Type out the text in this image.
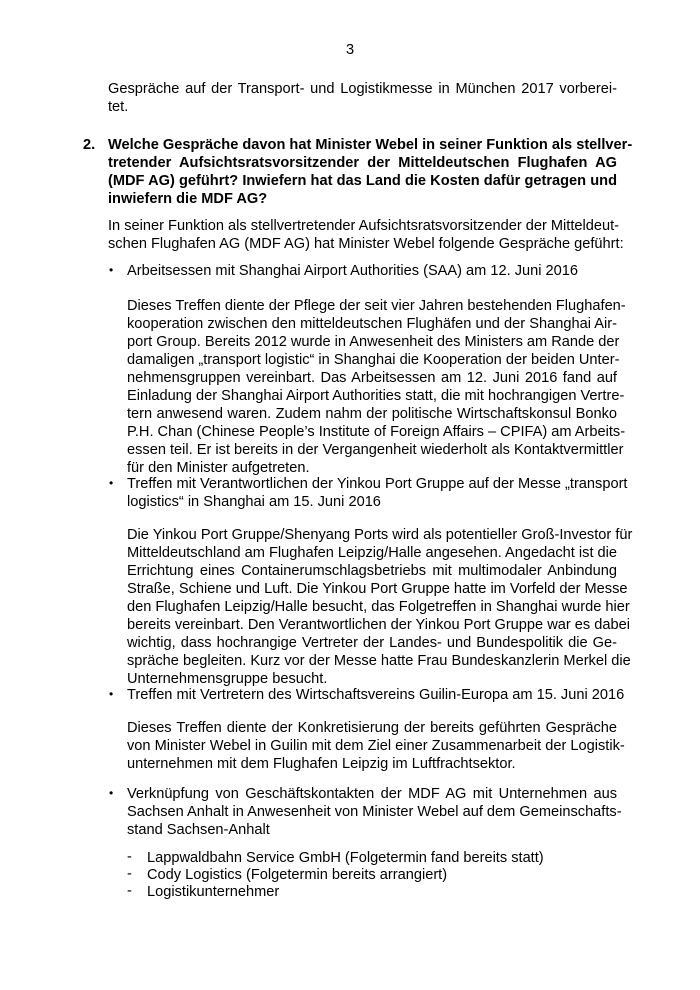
3
Gespräche auf der Transport- und Logistikmesse in München 2017 vorberei-
tet.
2. Welche Gespräche davon hat Minister Webel in seiner Funktion als stellver-
tretender Aufsichtsratsvorsitzender der Mitteldeutschen Flughafen AG
(MDF AG) geführt? Inwiefern hat das Land die Kosten dafür getragen und
inwiefern die MDF AG?
In seiner Funktion als stellvertretender Aufsichtsratsvorsitzender der Mitteldeut-
schen Flughafen AG (MDF AG) hat Minister Webel folgende Gespräche geführt:
• Arbeitsessen mit Shanghai Airport Authorities (SAA) am 12. Juni 2016
Dieses Treffen diente der Pflege der seit vier Jahren bestehenden Flughafen-
kooperation zwischen den mitteldeutschen Flughäfen und der Shanghai Air-
port Group. Bereits 2012 wurde in Anwesenheit des Ministers am Rande der
damaligen „transport logistic“ in Shanghai die Kooperation der beiden Unter-
nehmensgruppen vereinbart. Das Arbeitsessen am 12. Juni 2016 fand auf
Einladung der Shanghai Airport Authorities statt, die mit hochrangigen Vertre-
tern anwesend waren. Zudem nahm der politische Wirtschaftskonsul Bonko
P.H. Chan (Chinese People’s Institute of Foreign Affairs – CPIFA) am Arbeits-
essen teil. Er ist bereits in der Vergangenheit wiederholt als Kontaktvermittler
für den Minister aufgetreten.
• Treffen mit Verantwortlichen der Yinkou Port Gruppe auf der Messe „transport
logistics“ in Shanghai am 15. Juni 2016
Die Yinkou Port Gruppe/Shenyang Ports wird als potentieller Groß-Investor für
Mitteldeutschland am Flughafen Leipzig/Halle angesehen. Angedacht ist die
Errichtung eines Containerumschlagsbetriebs mit multimodaler Anbindung
Straße, Schiene und Luft. Die Yinkou Port Gruppe hatte im Vorfeld der Messe
den Flughafen Leipzig/Halle besucht, das Folgetreffen in Shanghai wurde hier
bereits vereinbart. Den Verantwortlichen der Yinkou Port Gruppe war es dabei
wichtig, dass hochrangige Vertreter der Landes- und Bundespolitik die Ge-
spräche begleiten. Kurz vor der Messe hatte Frau Bundeskanzlerin Merkel die
Unternehmensgruppe besucht.
• Treffen mit Vertretern des Wirtschaftsvereins Guilin-Europa am 15. Juni 2016
Dieses Treffen diente der Konkretisierung der bereits geführten Gespräche
von Minister Webel in Guilin mit dem Ziel einer Zusammenarbeit der Logistik-
unternehmen mit dem Flughafen Leipzig im Luftfrachtsektor.
• Verknüpfung von Geschäftskontakten der MDF AG mit Unternehmen aus
Sachsen Anhalt in Anwesenheit von Minister Webel auf dem Gemeinschafts-
stand Sachsen-Anhalt
- Lappwaldbahn Service GmbH (Folgetermin fand bereits statt)
- Cody Logistics (Folgetermin bereits arrangiert)
- Logistikunternehmer
